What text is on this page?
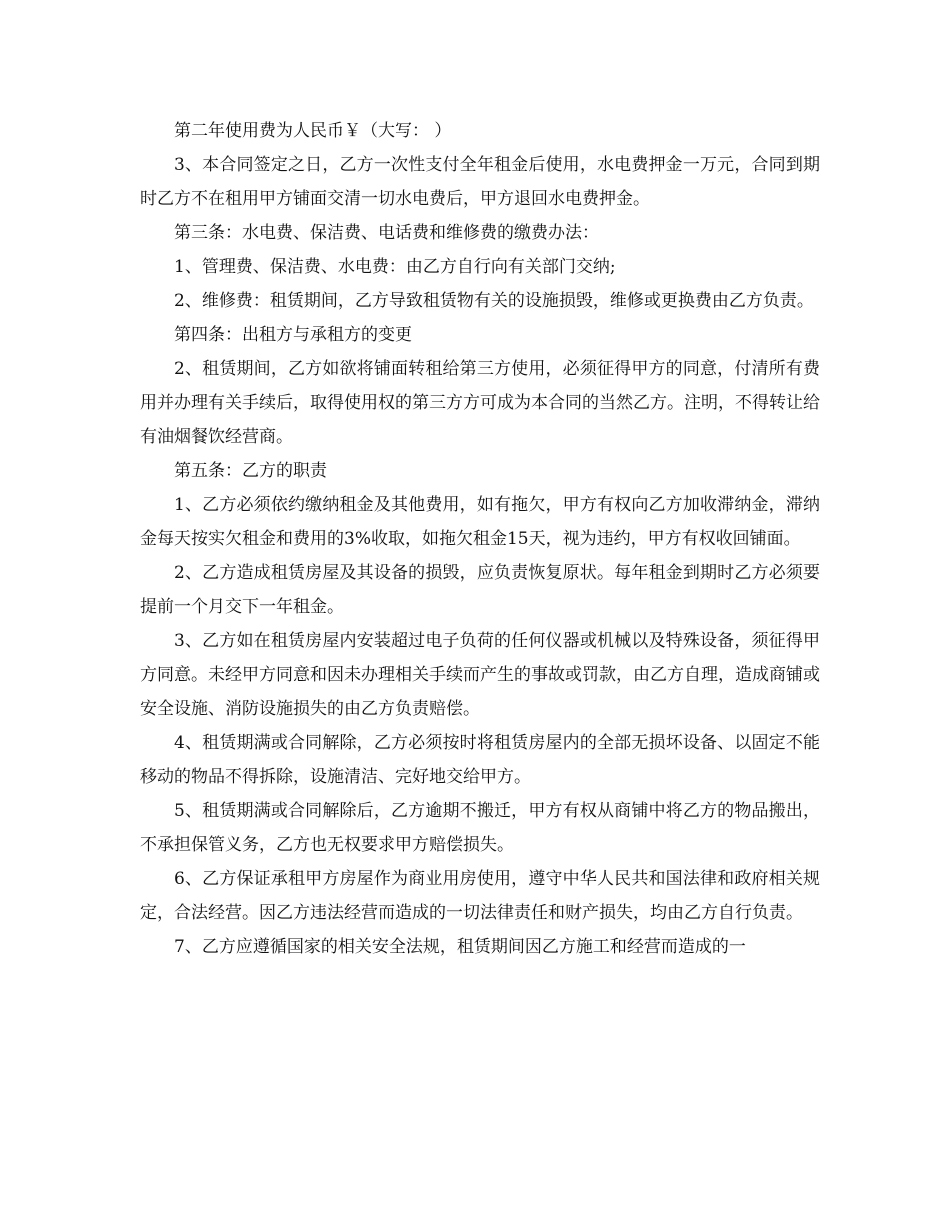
第二年使用费为人民币￥（大写： ）

3、本合同签定之日，乙方一次性支付全年租金后使用，水电费押金一万元，合同到期时乙方不在租用甲方铺面交清一切水电费后，甲方退回水电费押金。

第三条：水电费、保洁费、电话费和维修费的缴费办法：

1、管理费、保洁费、水电费：由乙方自行向有关部门交纳;

2、维修费：租赁期间，乙方导致租赁物有关的设施损毁，维修或更换费由乙方负责。

第四条：出租方与承租方的变更

2、租赁期间，乙方如欲将铺面转租给第三方使用，必须征得甲方的同意，付清所有费用并办理有关手续后，取得使用权的第三方方可成为本合同的当然乙方。注明，不得转让给有油烟餐饮经营商。

第五条：乙方的职责

1、乙方必须依约缴纳租金及其他费用，如有拖欠，甲方有权向乙方加收滞纳金，滞纳金每天按实欠租金和费用的3%收取，如拖欠租金15天，视为违约，甲方有权收回铺面。

2、乙方造成租赁房屋及其设备的损毁，应负责恢复原状。每年租金到期时乙方必须要提前一个月交下一年租金。

3、乙方如在租赁房屋内安装超过电子负荷的任何仪器或机械以及特殊设备，须征得甲方同意。未经甲方同意和因未办理相关手续而产生的事故或罚款，由乙方自理，造成商铺或安全设施、消防设施损失的由乙方负责赔偿。

4、租赁期满或合同解除，乙方必须按时将租赁房屋内的全部无损坏设备、以固定不能移动的物品不得拆除，设施清洁、完好地交给甲方。

5、租赁期满或合同解除后，乙方逾期不搬迁，甲方有权从商铺中将乙方的物品搬出，不承担保管义务，乙方也无权要求甲方赔偿损失。

6、乙方保证承租甲方房屋作为商业用房使用，遵守中华人民共和国法律和政府相关规定，合法经营。因乙方违法经营而造成的一切法律责任和财产损失，均由乙方自行负责。

7、乙方应遵循国家的相关安全法规，租赁期间因乙方施工和经营而造成的一
